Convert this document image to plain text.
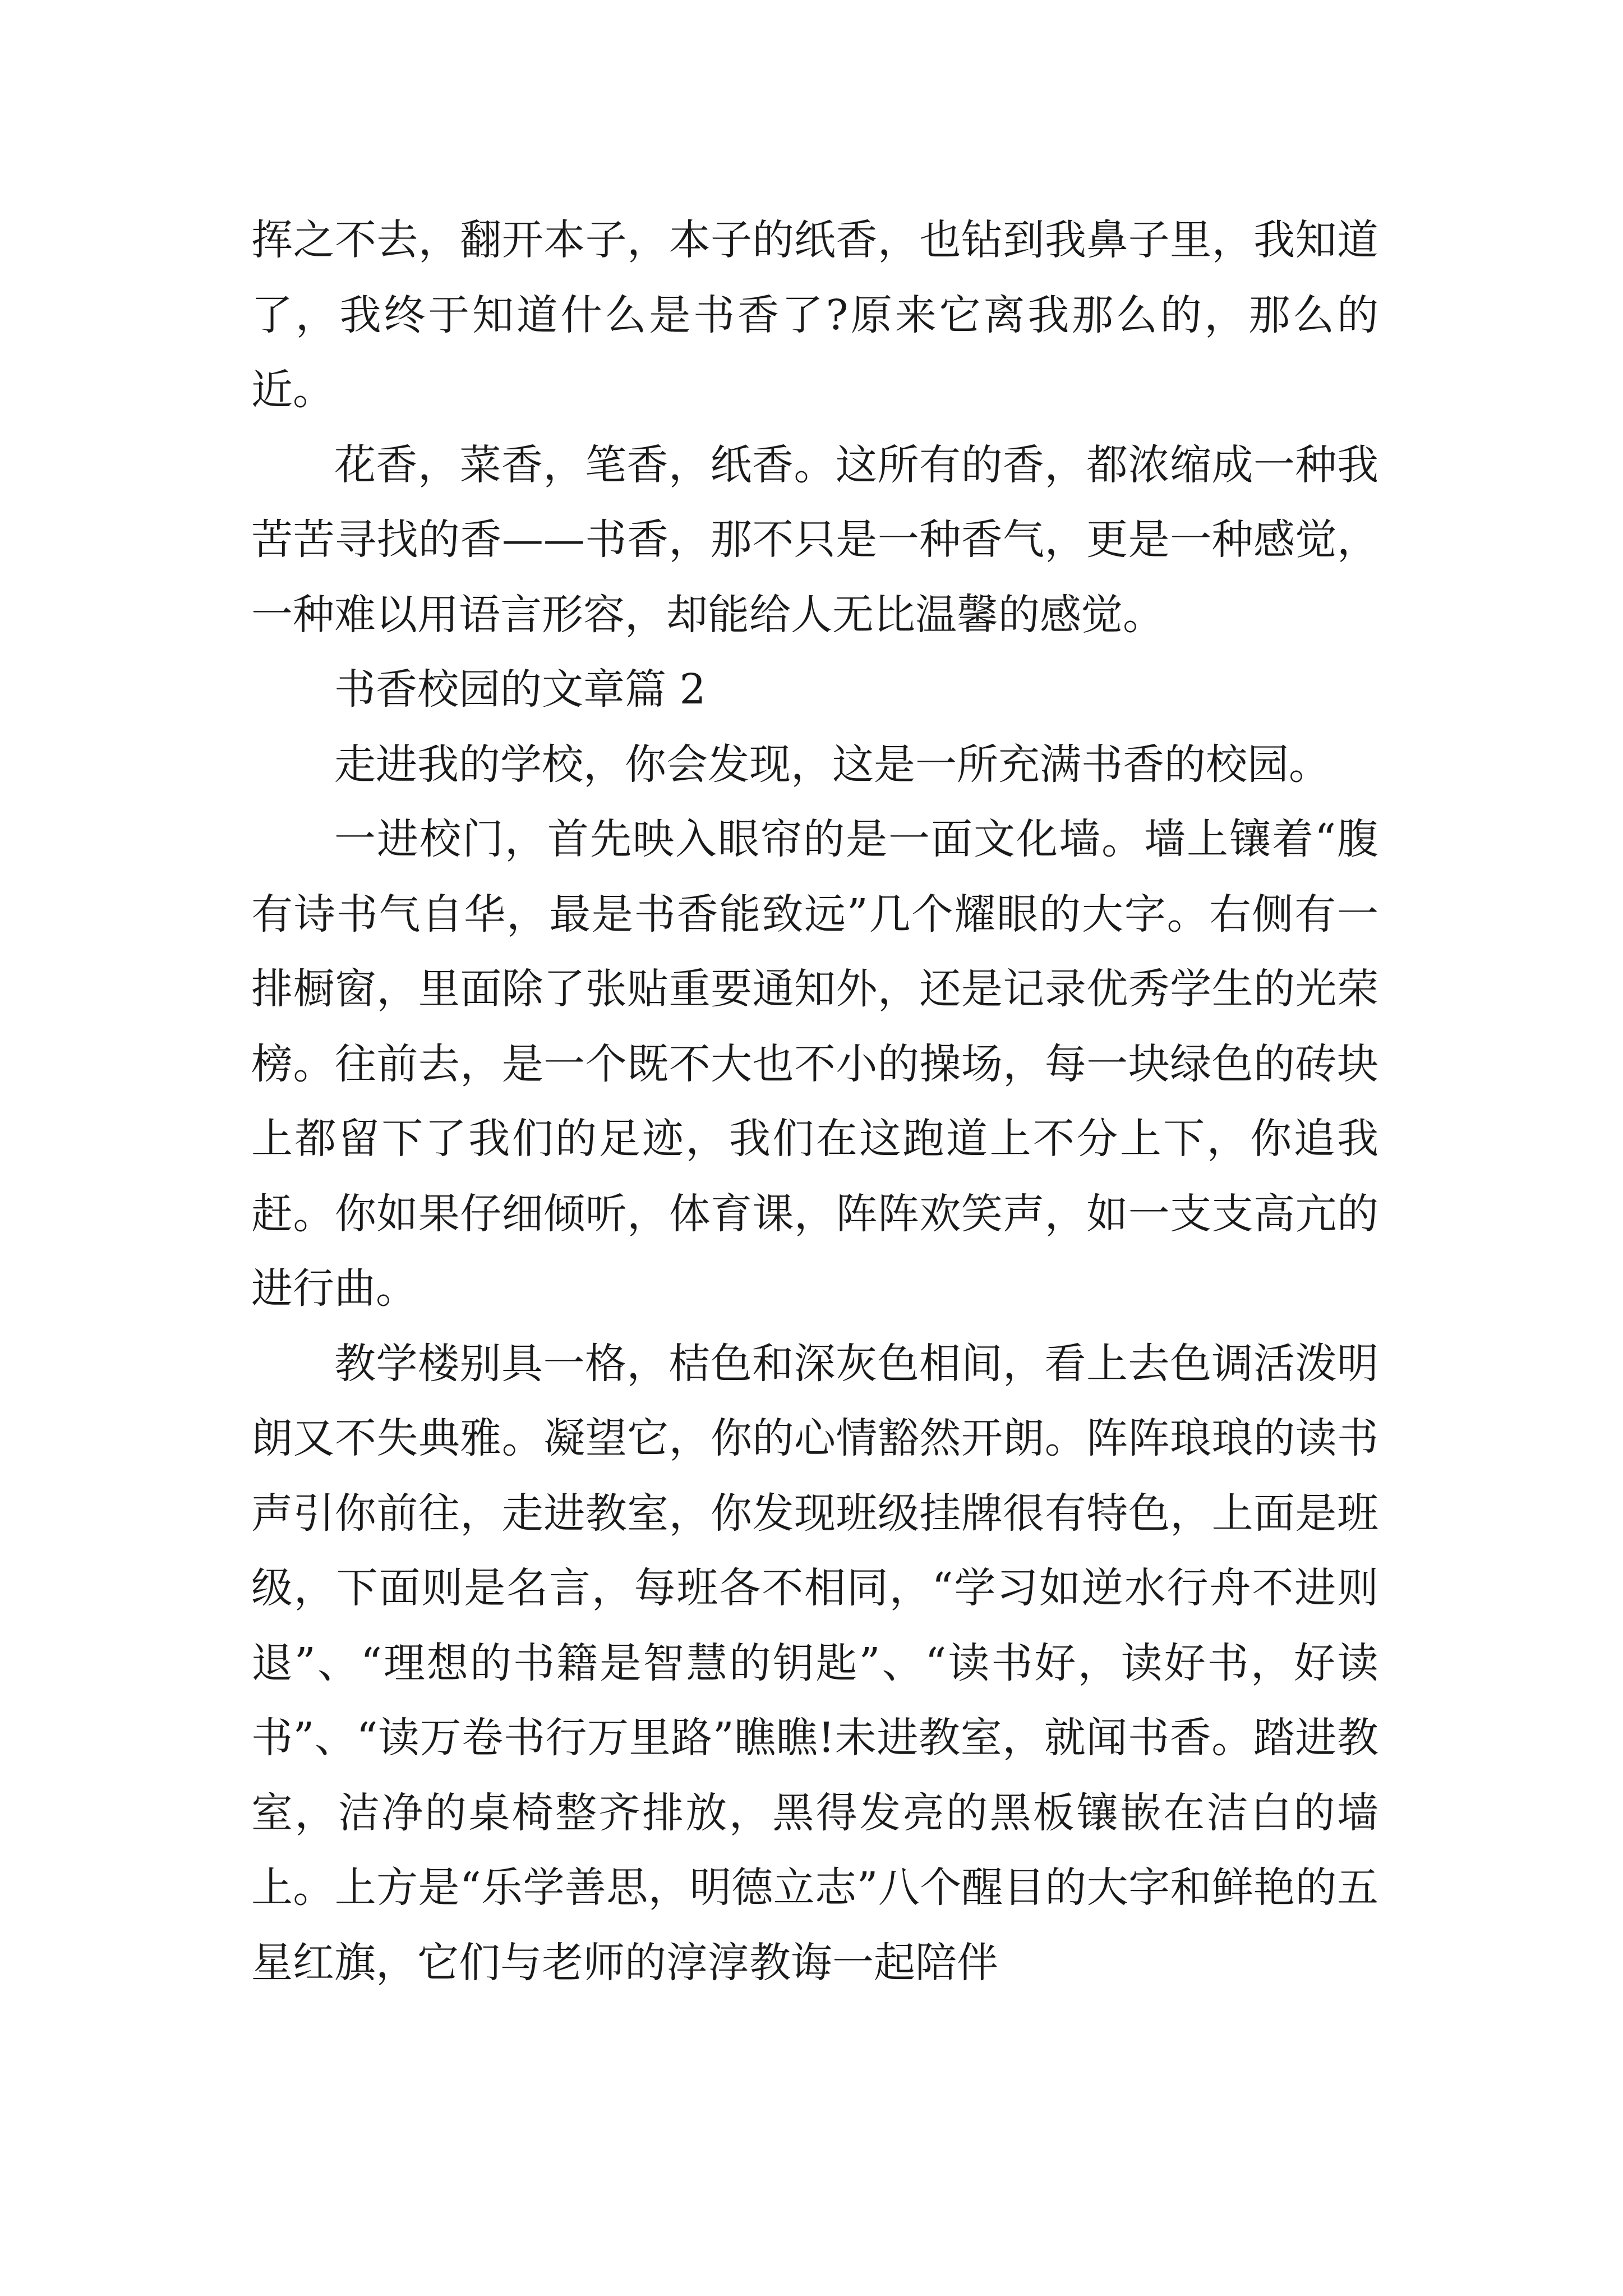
挥之不去，翻开本子，本子的纸香，也钻到我鼻子里，我知道了，我终于知道什么是书香了?原来它离我那么的，那么的近。

花香，菜香，笔香，纸香。这所有的香，都浓缩成一种我苦苦寻找的香——书香，那不只是一种香气，更是一种感觉，一种难以用语言形容，却能给人无比温馨的感觉。

书香校园的文章篇 2

走进我的学校，你会发现，这是一所充满书香的校园。

一进校门，首先映入眼帘的是一面文化墙。墙上镶着“腹有诗书气自华，最是书香能致远”几个耀眼的大字。右侧有一排橱窗，里面除了张贴重要通知外，还是记录优秀学生的光荣榜。往前去，是一个既不大也不小的操场，每一块绿色的砖块上都留下了我们的足迹，我们在这跑道上不分上下，你追我赶。你如果仔细倾听，体育课，阵阵欢笑声，如一支支高亢的进行曲。

教学楼别具一格，桔色和深灰色相间，看上去色调活泼明朗又不失典雅。凝望它，你的心情豁然开朗。阵阵琅琅的读书声引你前往，走进教室，你发现班级挂牌很有特色，上面是班级，下面则是名言，每班各不相同，“学习如逆水行舟不进则退”、“理想的书籍是智慧的钥匙”、“读书好，读好书，好读书”、“读万卷书行万里路”瞧瞧!未进教室，就闻书香。踏进教室，洁净的桌椅整齐排放，黑得发亮的黑板镶嵌在洁白的墙上。上方是“乐学善思，明德立志”八个醒目的大字和鲜艳的五星红旗，它们与老师的淳淳教诲一起陪伴
